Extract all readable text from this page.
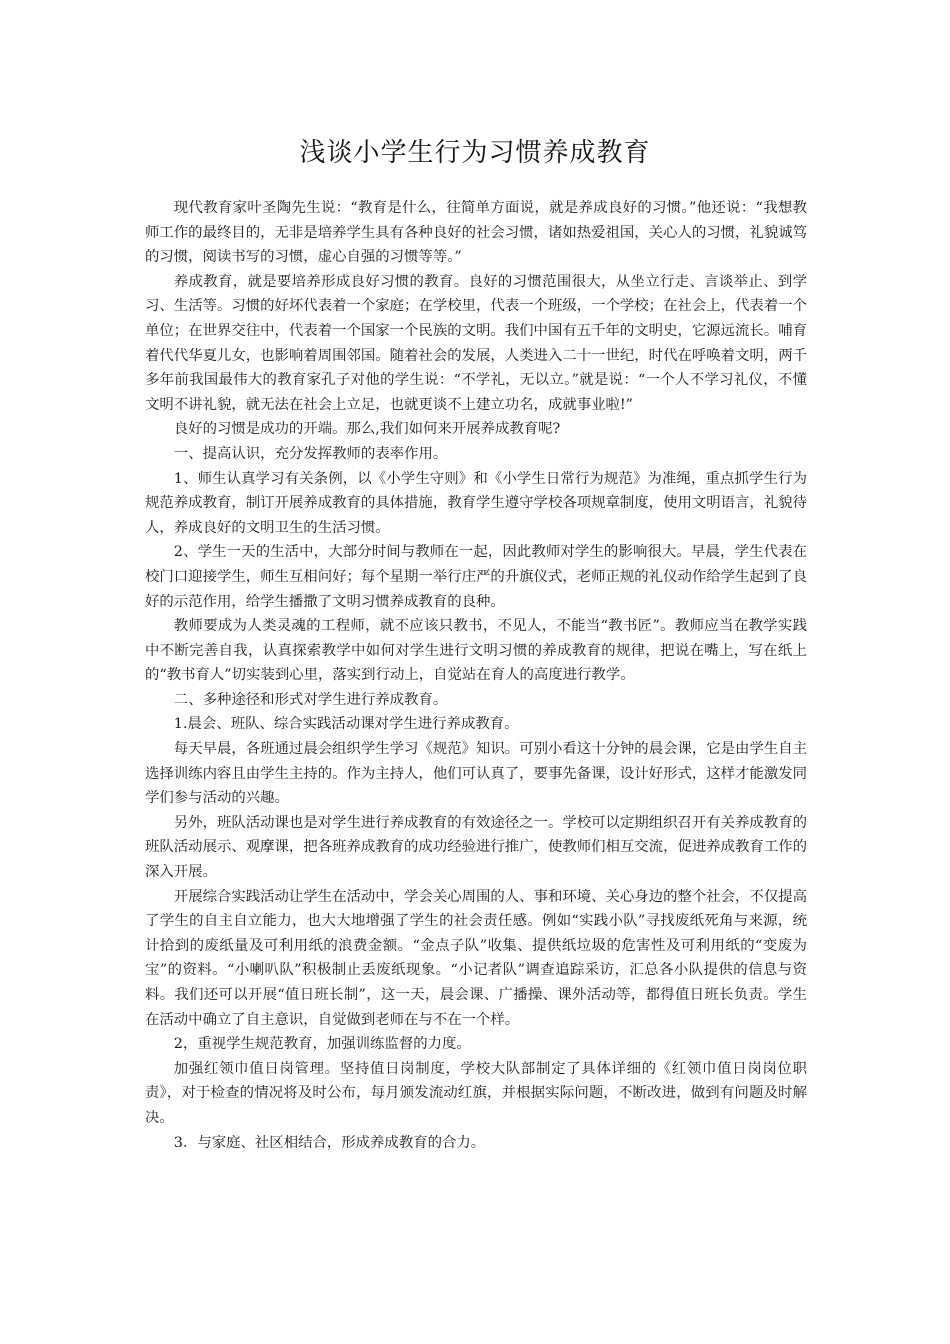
浅谈小学生行为习惯养成教育

现代教育家叶圣陶先生说：“教育是什么，往简单方面说，就是养成良好的习惯。”他还说：“我想教师工作的最终目的，无非是培养学生具有各种良好的社会习惯，诸如热爱祖国，关心人的习惯，礼貌诚笃的习惯，阅读书写的习惯，虚心自强的习惯等等。”

养成教育，就是要培养形成良好习惯的教育。良好的习惯范围很大，从坐立行走、言谈举止、到学习、生活等。习惯的好坏代表着一个家庭；在学校里，代表一个班级，一个学校；在社会上，代表着一个单位；在世界交往中，代表着一个国家一个民族的文明。我们中国有五千年的文明史，它源远流长。哺育着代代华夏儿女，也影响着周围邻国。随着社会的发展，人类进入二十一世纪，时代在呼唤着文明，两千多年前我国最伟大的教育家孔子对他的学生说：“不学礼，无以立。”就是说：“一个人不学习礼仪，不懂文明不讲礼貌，就无法在社会上立足，也就更谈不上建立功名，成就事业啦!”

良好的习惯是成功的开端。那么,我们如何来开展养成教育呢?

一、提高认识，充分发挥教师的表率作用。

1、师生认真学习有关条例，以《小学生守则》和《小学生日常行为规范》为准绳，重点抓学生行为规范养成教育，制订开展养成教育的具体措施，教育学生遵守学校各项规章制度，使用文明语言，礼貌待人，养成良好的文明卫生的生活习惯。

2、学生一天的生活中，大部分时间与教师在一起，因此教师对学生的影响很大。早晨，学生代表在校门口迎接学生，师生互相问好；每个星期一举行庄严的升旗仪式，老师正规的礼仪动作给学生起到了良好的示范作用，给学生播撒了文明习惯养成教育的良种。

教师要成为人类灵魂的工程师，就不应该只教书，不见人，不能当“教书匠”。教师应当在教学实践中不断完善自我，认真探索教学中如何对学生进行文明习惯的养成教育的规律，把说在嘴上，写在纸上的“教书育人”切实装到心里，落实到行动上，自觉站在育人的高度进行教学。

二、多种途径和形式对学生进行养成教育。

1.晨会、班队、综合实践活动课对学生进行养成教育。

每天早晨，各班通过晨会组织学生学习《规范》知识。可别小看这十分钟的晨会课，它是由学生自主选择训练内容且由学生主持的。作为主持人，他们可认真了，要事先备课，设计好形式，这样才能激发同学们参与活动的兴趣。

另外，班队活动课也是对学生进行养成教育的有效途径之一。学校可以定期组织召开有关养成教育的班队活动展示、观摩课，把各班养成教育的成功经验进行推广，使教师们相互交流，促进养成教育工作的深入开展。

开展综合实践活动让学生在活动中，学会关心周围的人、事和环境、关心身边的整个社会，不仅提高了学生的自主自立能力，也大大地增强了学生的社会责任感。例如“实践小队”寻找废纸死角与来源，统计拾到的废纸量及可利用纸的浪费金额。“金点子队”收集、提供纸垃圾的危害性及可利用纸的“变废为宝”的资料。“小喇叭队”积极制止丢废纸现象。“小记者队”调查追踪采访，汇总各小队提供的信息与资料。我们还可以开展“值日班长制”，这一天，晨会课、广播操、课外活动等，都得值日班长负责。学生在活动中确立了自主意识，自觉做到老师在与不在一个样。

2，重视学生规范教育，加强训练监督的力度。

加强红领巾值日岗管理。坚持值日岗制度，学校大队部制定了具体详细的《红领巾值日岗岗位职责》，对于检查的情况将及时公布，每月颁发流动红旗，并根据实际问题，不断改进，做到有问题及时解决。

3．与家庭、社区相结合，形成养成教育的合力。
